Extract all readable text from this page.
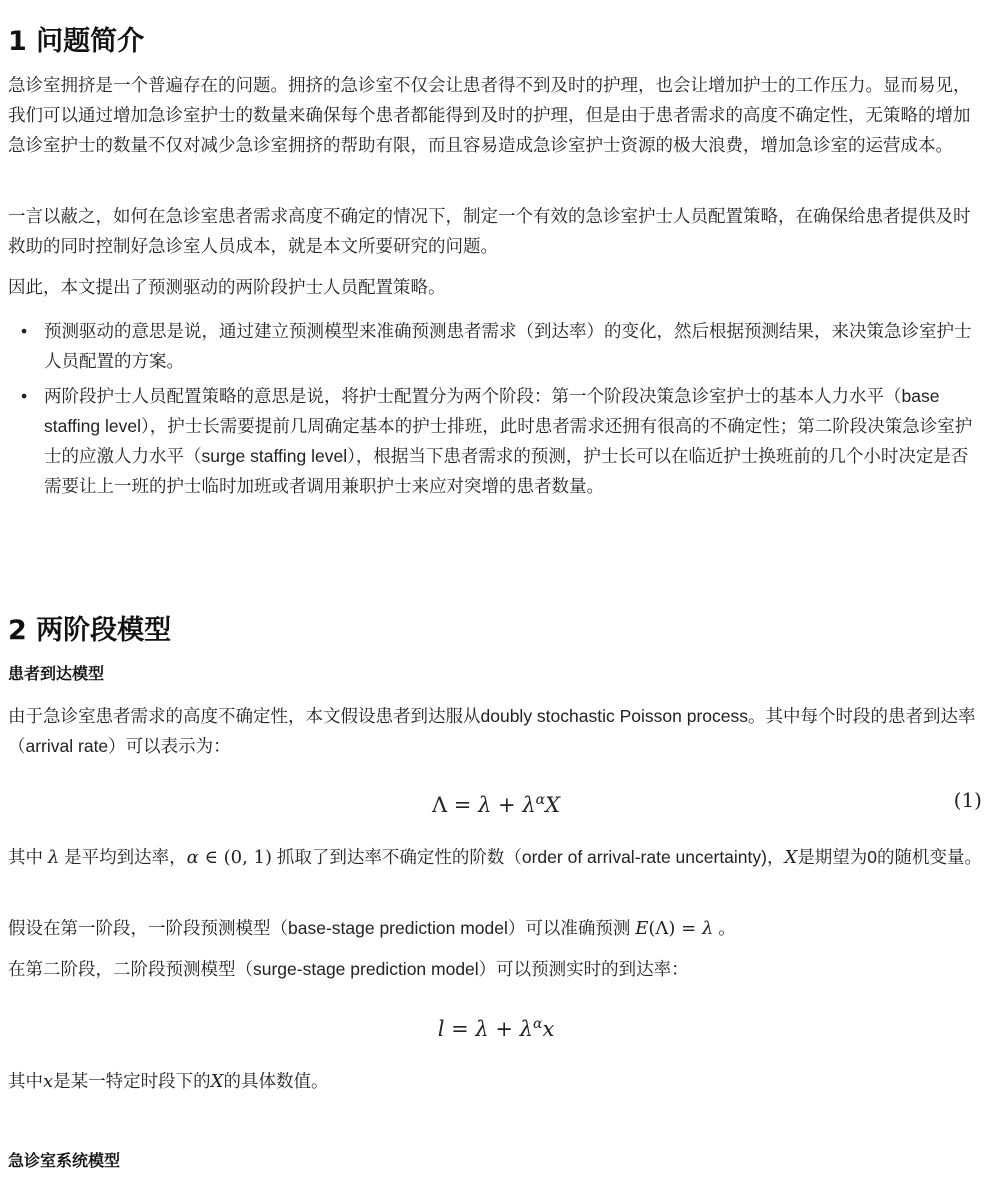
1 问题简介

急诊室拥挤是一个普遍存在的问题。拥挤的急诊室不仅会让患者得不到及时的护理，也会让增加护士的工作压力。显而易见，我们可以通过增加急诊室护士的数量来确保每个患者都能得到及时的护理，但是由于患者需求的高度不确定性，无策略的增加急诊室护士的数量不仅对减少急诊室拥挤的帮助有限，而且容易造成急诊室护士资源的极大浪费，增加急诊室的运营成本。

一言以蔽之，如何在急诊室患者需求高度不确定的情况下，制定一个有效的急诊室护士人员配置策略，在确保给患者提供及时救助的同时控制好急诊室人员成本，就是本文所要研究的问题。

因此，本文提出了预测驱动的两阶段护士人员配置策略。

• 预测驱动的意思是说，通过建立预测模型来准确预测患者需求（到达率）的变化，然后根据预测结果，来决策急诊室护士人员配置的方案。
• 两阶段护士人员配置策略的意思是说，将护士配置分为两个阶段：第一个阶段决策急诊室护士的基本人力水平（base staffing level），护士长需要提前几周确定基本的护士排班，此时患者需求还拥有很高的不确定性；第二阶段决策急诊室护士的应激人力水平（surge staffing level），根据当下患者需求的预测，护士长可以在临近护士换班前的几个小时决定是否需要让上一班的护士临时加班或者调用兼职护士来应对突增的患者数量。
2 两阶段模型
患者到达模型

由于急诊室患者需求的高度不确定性，本文假设患者到达服从doubly stochastic Poisson process。其中每个时段的患者到达率（arrival rate）可以表示为：

$\Lambda = \lambda + \lambda^\alpha X$	(1)

其中 λ 是平均到达率，α ∈ (0, 1) 抓取了到达率不确定性的阶数（order of arrival-rate uncertainty)，X是期望为0的随机变量。

假设在第一阶段，一阶段预测模型（base-stage prediction model）可以准确预测 E(Λ) = λ 。

在第二阶段，二阶段预测模型（surge-stage prediction model）可以预测实时的到达率：

$l = \lambda + \lambda^\alpha x$

其中x是某一特定时段下的X的具体数值。

急诊室系统模型
